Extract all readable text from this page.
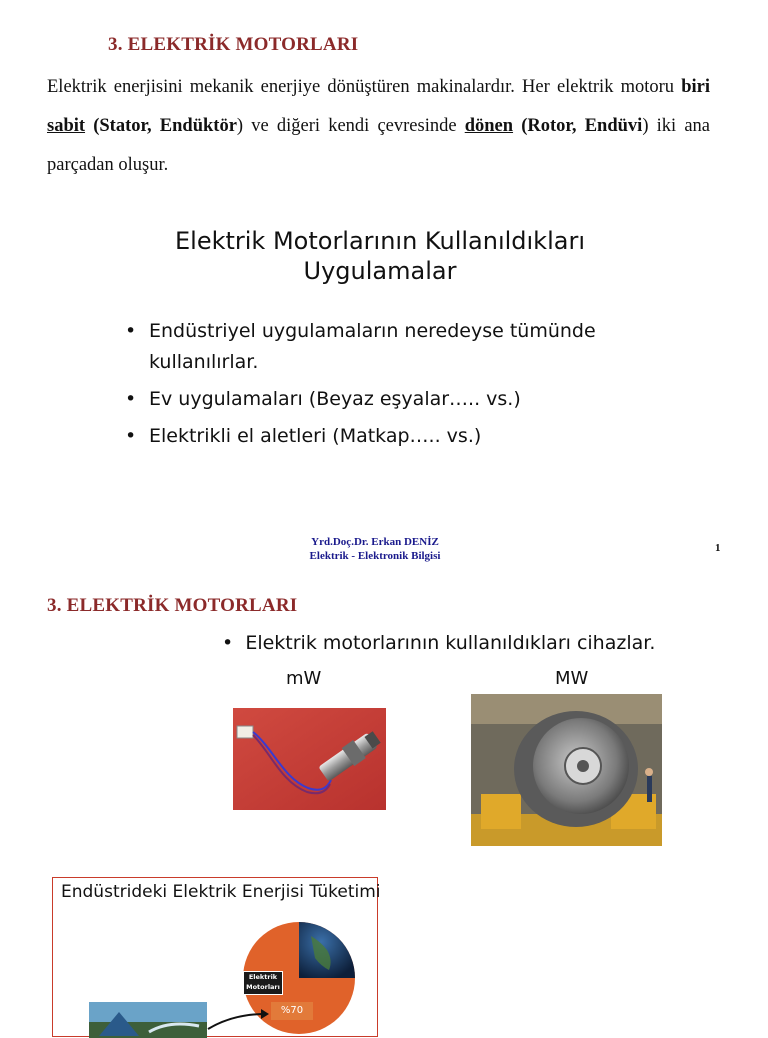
3. ELEKTRİK MOTORLARI
Elektrik enerjisini mekanik enerjiye dönüştüren makinalardır. Her elektrik motoru biri sabit (Stator, Endüktör) ve diğeri kendi çevresinde dönen (Rotor, Endüvi) iki ana parçadan oluşur.
Elektrik Motorlarının Kullanıldıkları
Uygulamalar
• Endüstriyel uygulamaların neredeyse tümünde kullanılırlar.
• Ev uygulamaları (Beyaz eşyalar….. vs.)
• Elektrikli el aletleri (Matkap….. vs.)
Yrd.Doç.Dr. Erkan DENİZ
Elektrik - Elektronik Bilgisi
1
3. ELEKTRİK MOTORLARI
• Elektrik motorlarının kullanıldıkları cihazlar.
mW	MW
Endüstrideki Elektrik Enerjisi Tüketimi
Elektrik
Motorları
%70
